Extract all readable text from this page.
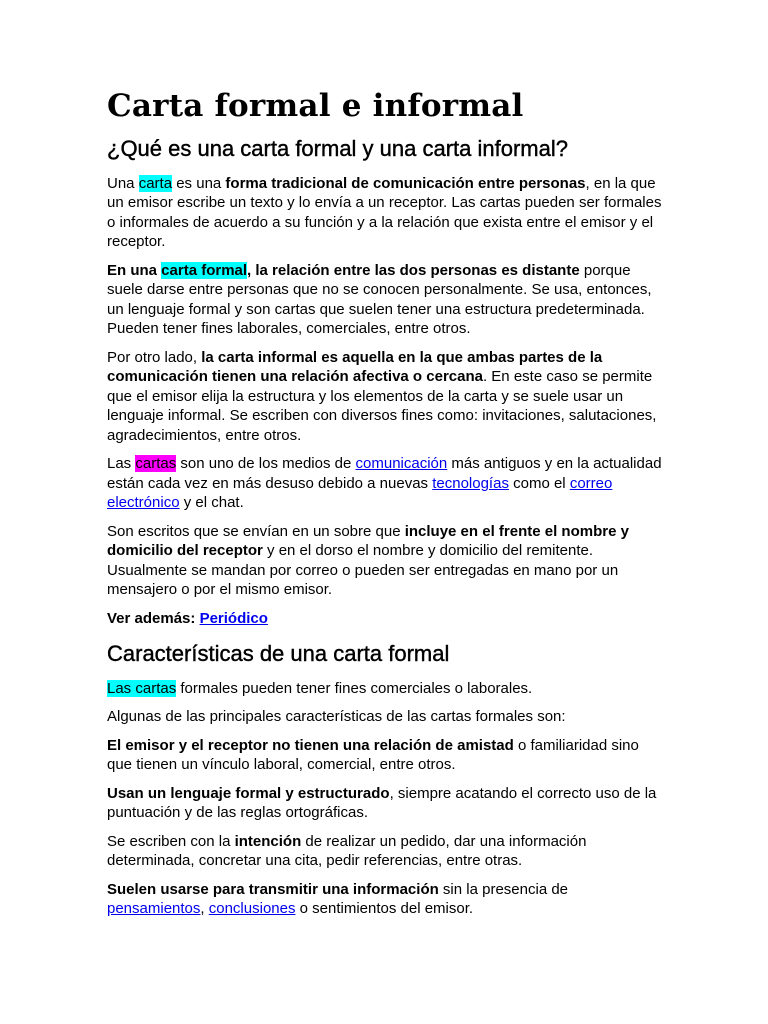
Carta formal e informal
¿Qué es una carta formal y una carta informal?

Una carta es una forma tradicional de comunicación entre personas, en la que un emisor escribe un texto y lo envía a un receptor. Las cartas pueden ser formales o informales de acuerdo a su función y a la relación que exista entre el emisor y el receptor.

En una carta formal, la relación entre las dos personas es distante porque suele darse entre personas que no se conocen personalmente. Se usa, entonces, un lenguaje formal y son cartas que suelen tener una estructura predeterminada. Pueden tener fines laborales, comerciales, entre otros.

Por otro lado, la carta informal es aquella en la que ambas partes de la comunicación tienen una relación afectiva o cercana. En este caso se permite que el emisor elija la estructura y los elementos de la carta y se suele usar un lenguaje informal. Se escriben con diversos fines como: invitaciones, salutaciones, agradecimientos, entre otros.

Las cartas son uno de los medios de comunicación más antiguos y en la actualidad están cada vez en más desuso debido a nuevas tecnologías como el correo electrónico y el chat.

Son escritos que se envían en un sobre que incluye en el frente el nombre y domicilio del receptor y en el dorso el nombre y domicilio del remitente. Usualmente se mandan por correo o pueden ser entregadas en mano por un mensajero o por el mismo emisor.

Ver además: Periódico

Características de una carta formal

Las cartas formales pueden tener fines comerciales o laborales.

Algunas de las principales características de las cartas formales son:

El emisor y el receptor no tienen una relación de amistad o familiaridad sino que tienen un vínculo laboral, comercial, entre otros.

Usan un lenguaje formal y estructurado, siempre acatando el correcto uso de la puntuación y de las reglas ortográficas.

Se escriben con la intención de realizar un pedido, dar una información determinada, concretar una cita, pedir referencias, entre otras.

Suelen usarse para transmitir una información sin la presencia de pensamientos, conclusiones o sentimientos del emisor.
